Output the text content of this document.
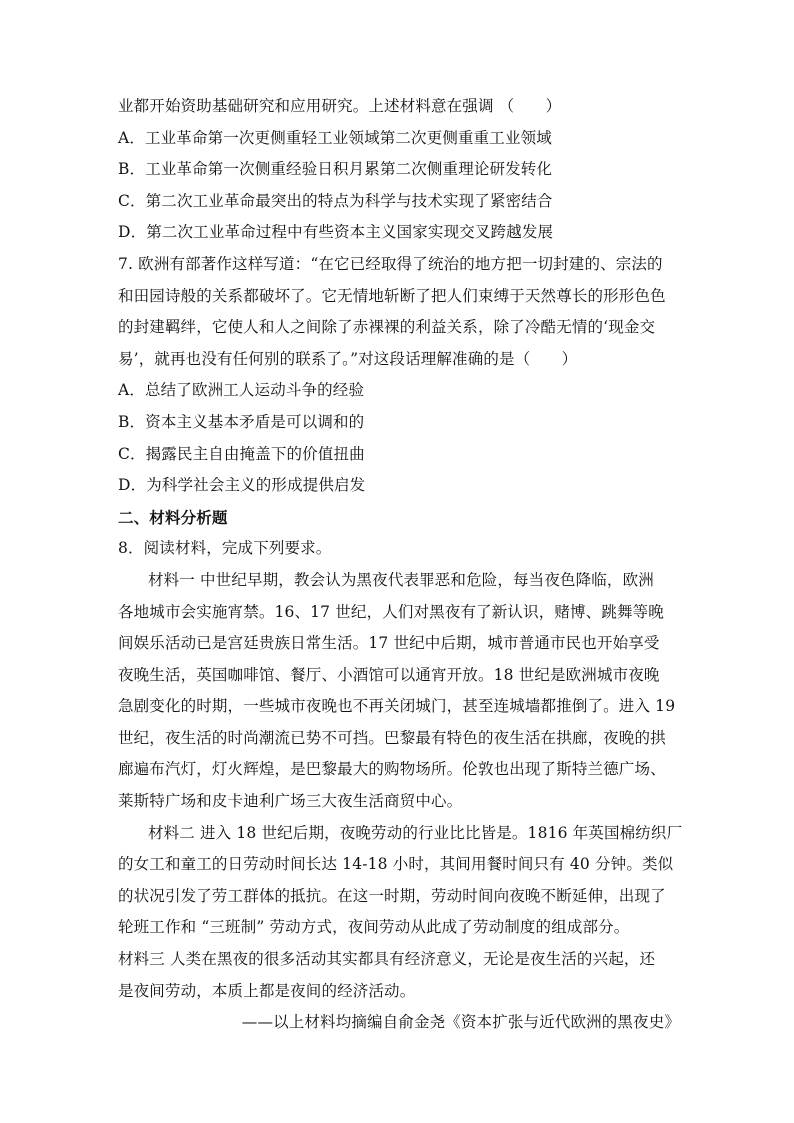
业都开始资助基础研究和应用研究。上述材料意在强调 （　　）
A．工业革命第一次更侧重轻工业领域第二次更侧重重工业领域
B．工业革命第一次侧重经验日积月累第二次侧重理论研发转化
C．第二次工业革命最突出的特点为科学与技术实现了紧密结合
D．第二次工业革命过程中有些资本主义国家实现交叉跨越发展
7. 欧洲有部著作这样写道：“在它已经取得了统治的地方把一切封建的、宗法的
和田园诗般的关系都破坏了。它无情地斩断了把人们束缚于天然尊长的形形色色
的封建羁绊，它使人和人之间除了赤裸裸的利益关系，除了冷酷无情的‘现金交
易’，就再也没有任何别的联系了。”对这段话理解准确的是（　　）
A．总结了欧洲工人运动斗争的经验
B．资本主义基本矛盾是可以调和的
C．揭露民主自由掩盖下的价值扭曲
D．为科学社会主义的形成提供启发
二、材料分析题
8．阅读材料，完成下列要求。
材料一 中世纪早期，教会认为黑夜代表罪恶和危险，每当夜色降临，欧洲
各地城市会实施宵禁。16、17 世纪，人们对黑夜有了新认识，赌博、跳舞等晚
间娱乐活动已是宫廷贵族日常生活。17 世纪中后期，城市普通市民也开始享受
夜晚生活，英国咖啡馆、餐厅、小酒馆可以通宵开放。18 世纪是欧洲城市夜晚
急剧变化的时期，一些城市夜晚也不再关闭城门，甚至连城墙都推倒了。进入 19
世纪，夜生活的时尚潮流已势不可挡。巴黎最有特色的夜生活在拱廊，夜晚的拱
廊遍布汽灯，灯火辉煌，是巴黎最大的购物场所。伦敦也出现了斯特兰德广场、
莱斯特广场和皮卡迪利广场三大夜生活商贸中心。
材料二 进入 18 世纪后期，夜晚劳动的行业比比皆是。1816 年英国棉纺织厂
的女工和童工的日劳动时间长达 14-18 小时，其间用餐时间只有 40 分钟。类似
的状况引发了劳工群体的抵抗。在这一时期，劳动时间向夜晚不断延伸，出现了
轮班工作和 “三班制” 劳动方式，夜间劳动从此成了劳动制度的组成部分。
材料三 人类在黑夜的很多活动其实都具有经济意义，无论是夜生活的兴起，还
是夜间劳动，本质上都是夜间的经济活动。
——以上材料均摘编自俞金尧《资本扩张与近代欧洲的黑夜史》
